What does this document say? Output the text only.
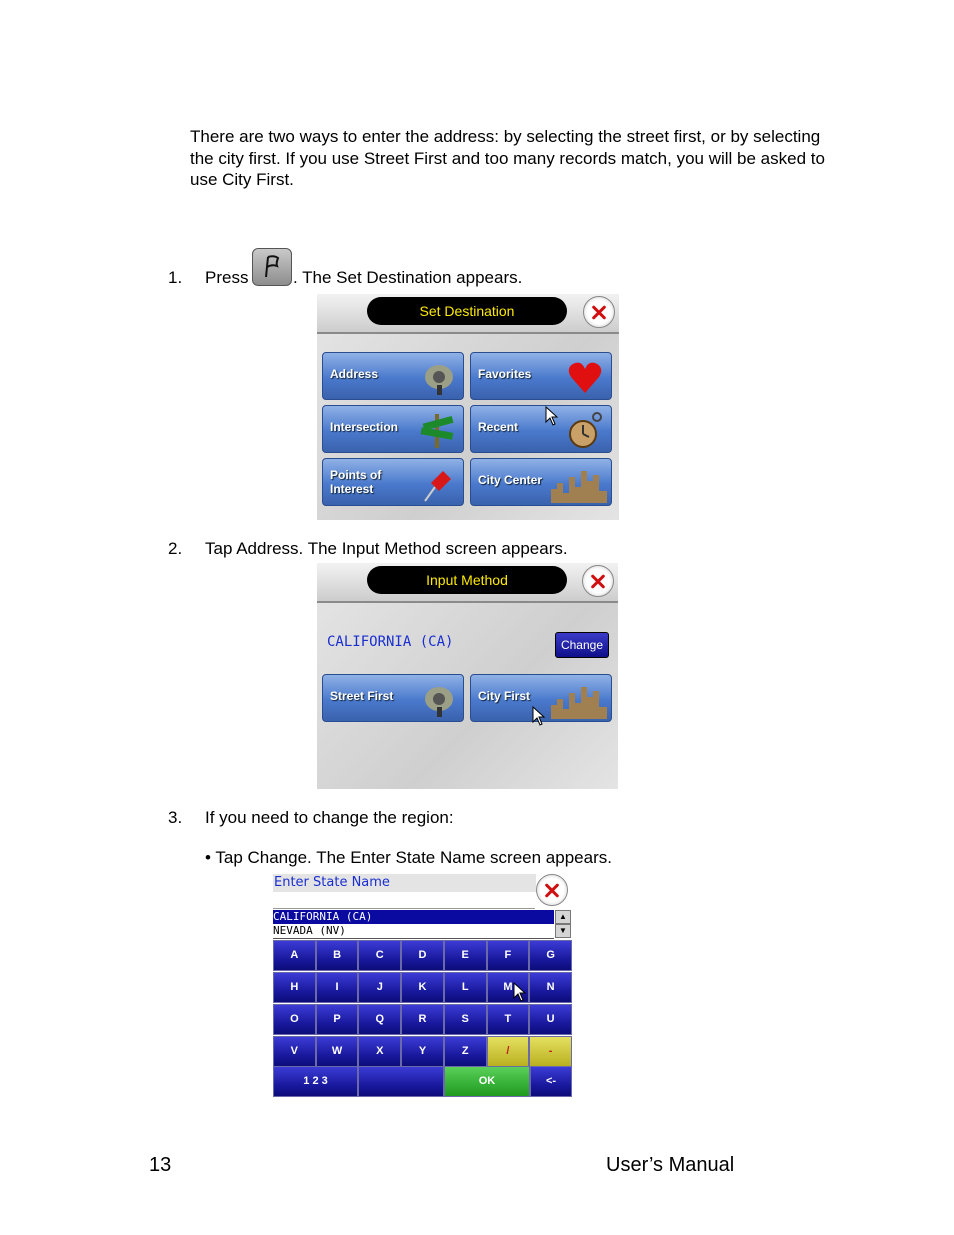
There are two ways to enter the address: by selecting the street first, or by selecting the city first. If you use Street First and too many records match, you will be asked to use City First.

1. Press	. The Set Destination appears.
Set Destination
Address	Favorites
Intersection	Recent
Points of Interest
City Center
2. Tap Address. The Input Method screen appears.
Input Method
CALIFORNIA (CA)	Change
Street First	City First
3. If you need to change the region:
• Tap Change. The Enter State Name screen appears.
Enter State Name
CALIFORNIA (CA)
NEVADA (NV)
▲
▼
A	B	C	D	E	F	G
H	I	J	K	L	M	N
O	P	Q	R	S	T	U
V	W	X	Y	Z	/	-
1 2 3	OK	<-
13	User’s Manual
